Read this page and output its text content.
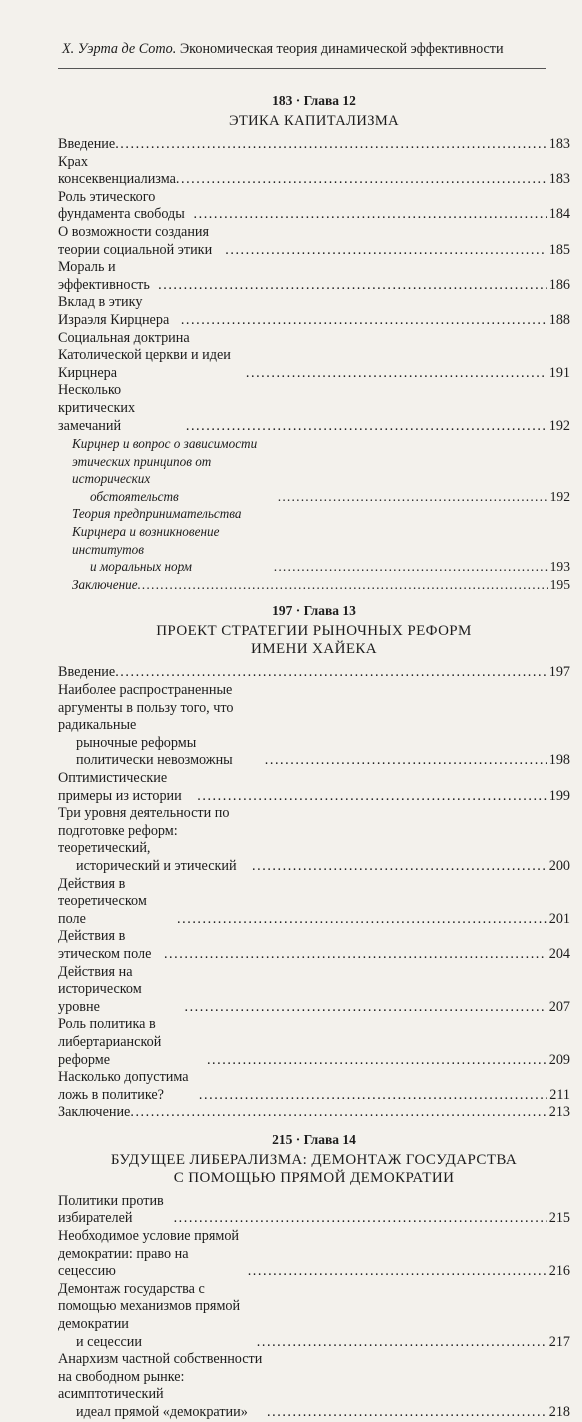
Х. Уэрта де Сото. Экономическая теория динамической эффективности
183 · Глава 12
ЭТИКА КАПИТАЛИЗМА
Введение . . .	183
Крах консеквенциализма . . .	183
Роль этического фундамента свободы . . .	184
О возможности создания теории социальной этики . . .	185
Мораль и эффективность . . .	186
Вклад в этику Израэля Кирцнера . . .	188
Социальная доктрина Католической церкви и идеи Кирцнера . . .	191
Несколько критических замечаний . . .	192
Кирцнер и вопрос о зависимости этических принципов от исторических
обстоятельств . . .	192
Теория предпринимательства Кирцнера и возникновение институтов
и моральных норм . . .	193
Заключение . . .	195
197 · Глава 13
ПРОЕКТ СТРАТЕГИИ РЫНОЧНЫХ РЕФОРМ
ИМЕНИ ХАЙЕКА
Введение . . .	197
Наиболее распространенные аргументы в пользу того, что радикальные
рыночные реформы политически невозможны . . .	198
Оптимистические примеры из истории . . .	199
Три уровня деятельности по подготовке реформ: теоретический,
исторический и этический . . .	200
Действия в теоретическом поле . . .	201
Действия в этическом поле . . .	204
Действия на историческом уровне . . .	207
Роль политика в либертарианской реформе . . .	209
Насколько допустима ложь в политике? . . .	211
Заключение . . .	213
215 · Глава 14
БУДУЩЕЕ ЛИБЕРАЛИЗМА: ДЕМОНТАЖ ГОСУДАРСТВА
С ПОМОЩЬЮ ПРЯМОЙ ДЕМОКРАТИИ
Политики против избирателей . . .	215
Необходимое условие прямой демократии: право на сецессию . . .	216
Демонтаж государства с помощью механизмов прямой демократии
и сецессии . . .	217
Анархизм частной собственности на свободном рынке: асимптотический
идеал прямой «демократии» . . .	218
